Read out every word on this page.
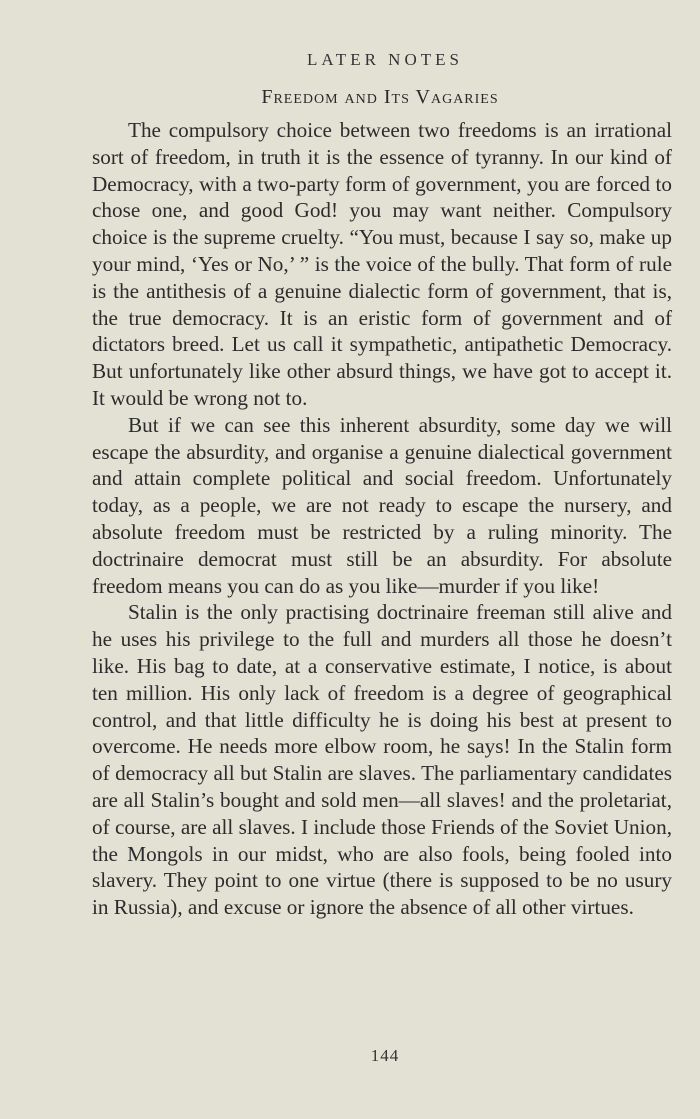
LATER NOTES
Freedom and Its Vagaries

The compulsory choice between two freedoms is an irrational sort of freedom, in truth it is the essence of tyranny. In our kind of Democracy, with a two-party form of government, you are forced to chose one, and good God! you may want neither. Compulsory choice is the supreme cruelty. “You must, because I say so, make up your mind, ‘Yes or No,’ ” is the voice of the bully. That form of rule is the antithesis of a genuine dialectic form of government, that is, the true democracy. It is an eristic form of government and of dictators breed. Let us call it sympathetic, antipathetic Democracy. But unfortunately like other absurd things, we have got to accept it. It would be wrong not to.

But if we can see this inherent absurdity, some day we will escape the absurdity, and organise a genuine dialectical government and attain complete political and social freedom. Unfortunately today, as a people, we are not ready to escape the nursery, and absolute freedom must be restricted by a ruling minority. The doctrinaire democrat must still be an absurdity. For absolute freedom means you can do as you like—murder if you like!

Stalin is the only practising doctrinaire freeman still alive and he uses his privilege to the full and murders all those he doesn’t like. His bag to date, at a conservative estimate, I notice, is about ten million. His only lack of freedom is a degree of geographical control, and that little difficulty he is doing his best at present to overcome. He needs more elbow room, he says! In the Stalin form of democracy all but Stalin are slaves. The parliamentary candidates are all Stalin’s bought and sold men—all slaves! and the proletariat, of course, are all slaves. I include those Friends of the Soviet Union, the Mongols in our midst, who are also fools, being fooled into slavery. They point to one virtue (there is supposed to be no usury in Russia), and excuse or ignore the absence of all other virtues.

144
